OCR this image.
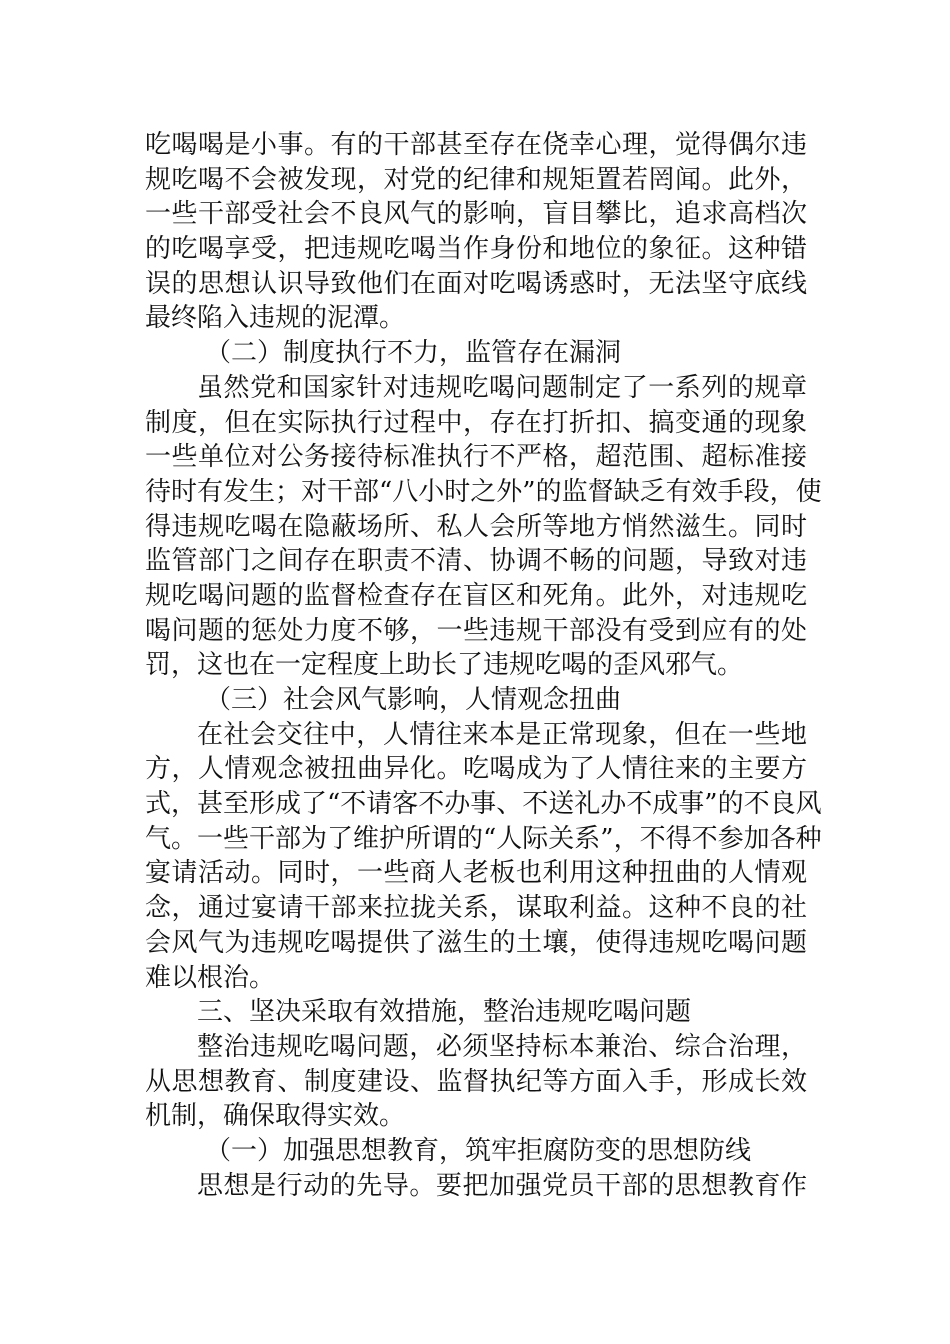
吃喝喝是小事。有的干部甚至存在侥幸心理，觉得偶尔违
规吃喝不会被发现，对党的纪律和规矩置若罔闻。此外，
一些干部受社会不良风气的影响，盲目攀比，追求高档次
的吃喝享受，把违规吃喝当作身份和地位的象征。这种错
误的思想认识导致他们在面对吃喝诱惑时，无法坚守底线
最终陷入违规的泥潭。
（二）制度执行不力，监管存在漏洞
虽然党和国家针对违规吃喝问题制定了一系列的规章
制度，但在实际执行过程中，存在打折扣、搞变通的现象
一些单位对公务接待标准执行不严格，超范围、超标准接
待时有发生；对干部“八小时之外”的监督缺乏有效手段，使
得违规吃喝在隐蔽场所、私人会所等地方悄然滋生。同时
监管部门之间存在职责不清、协调不畅的问题，导致对违
规吃喝问题的监督检查存在盲区和死角。此外，对违规吃
喝问题的惩处力度不够，一些违规干部没有受到应有的处
罚，这也在一定程度上助长了违规吃喝的歪风邪气。
（三）社会风气影响，人情观念扭曲
在社会交往中，人情往来本是正常现象，但在一些地
方，人情观念被扭曲异化。吃喝成为了人情往来的主要方
式，甚至形成了“不请客不办事、不送礼办不成事”的不良风
气。一些干部为了维护所谓的“人际关系”，不得不参加各种
宴请活动。同时，一些商人老板也利用这种扭曲的人情观
念，通过宴请干部来拉拢关系，谋取利益。这种不良的社
会风气为违规吃喝提供了滋生的土壤，使得违规吃喝问题
难以根治。
三、坚决采取有效措施，整治违规吃喝问题
整治违规吃喝问题，必须坚持标本兼治、综合治理，
从思想教育、制度建设、监督执纪等方面入手，形成长效
机制，确保取得实效。
（一）加强思想教育，筑牢拒腐防变的思想防线
思想是行动的先导。要把加强党员干部的思想教育作
